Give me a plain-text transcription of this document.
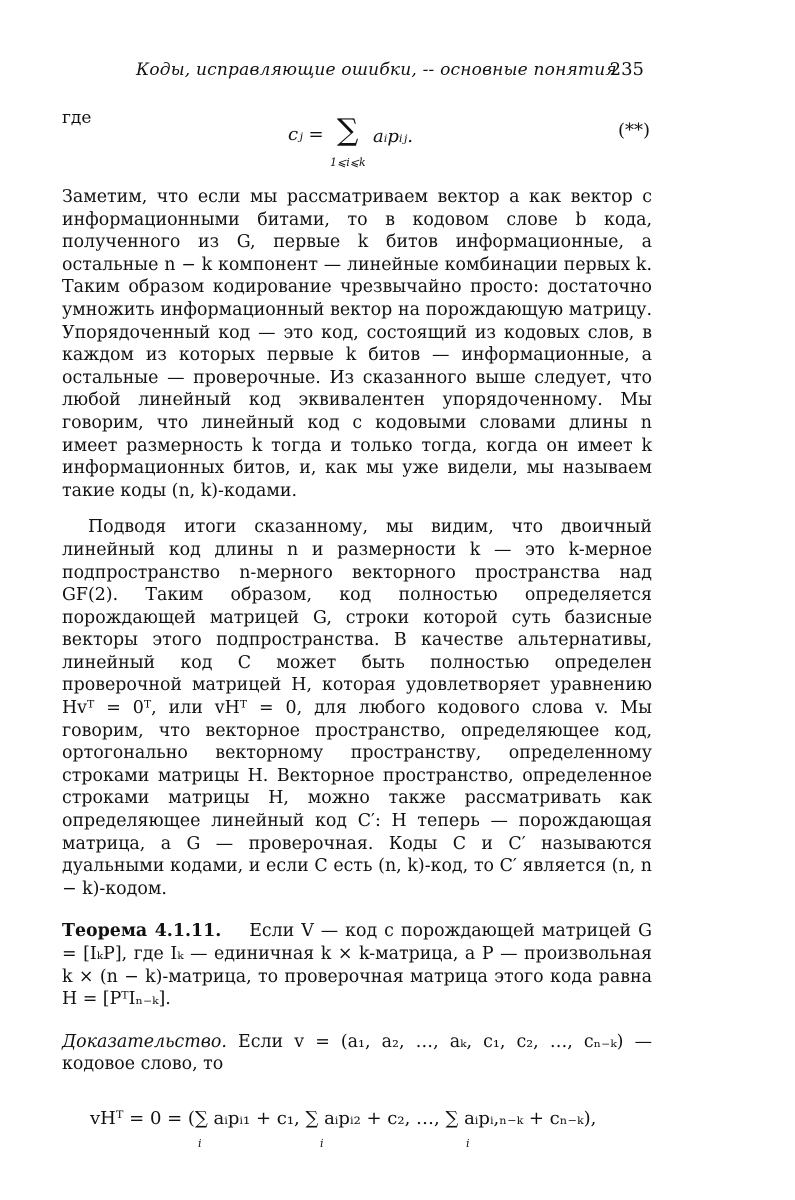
Коды, исправляющие ошибки, -- основные понятия
235
где
cⱼ = ∑
1⩽i⩽k
aᵢpᵢⱼ.	(**)

Заметим, что если мы рассматриваем вектор a как вектор с информационными битами, то в кодовом слове b кода, полученного из G, первые k битов информационные, а остальные n − k компонент — линейные комбинации первых k. Таким образом кодирование чрезвычайно просто: достаточно умножить информационный вектор на порождающую матрицу. Упорядоченный код — это код, состоящий из кодовых слов, в каждом из которых первые k битов — информационные, а остальные — проверочные. Из сказанного выше следует, что любой линейный код эквивалентен упорядоченному. Мы говорим, что линейный код с кодовыми словами длины n имеет размерность k тогда и только тогда, когда он имеет k информационных битов, и, как мы уже видели, мы называем такие коды (n, k)-кодами.

Подводя итоги сказанному, мы видим, что двоичный линейный код длины n и размерности k — это k-мерное подпространство n-мерного векторного пространства над GF(2). Таким образом, код полностью определяется порождающей матрицей G, строки которой суть базисные векторы этого подпространства. В качестве альтернативы, линейный код C может быть полностью определен проверочной матрицей H, которая удовлетворяет уравнению Hvᵀ = 0ᵀ, или vHᵀ = 0, для любого кодового слова v. Мы говорим, что векторное пространство, определяющее код, ортогонально векторному пространству, определенному строками матрицы H. Векторное пространство, определенное строками матрицы H, можно также рассматривать как определяющее линейный код C′: H теперь — порождающая матрица, а G — проверочная. Коды C и C′ называются дуальными кодами, и если C есть (n, k)-код, то C′ является (n, n − k)-кодом.

Теорема 4.1.11. Если V — код с порождающей матрицей G = [IₖP], где Iₖ — единичная k × k-матрица, а P — произвольная k × (n − k)-матрица, то проверочная матрица этого кода равна H = [PᵀIₙ₋ₖ].

Доказательство. Если v = (a₁, a₂, …, aₖ, c₁, c₂, …, cₙ₋ₖ) — кодовое слово, то

vHᵀ = 0 = (∑ aᵢpᵢ₁ + c₁, ∑ aᵢpᵢ₂ + c₂, …, ∑ aᵢpᵢ,ₙ₋ₖ + cₙ₋ₖ),
i	i	i
